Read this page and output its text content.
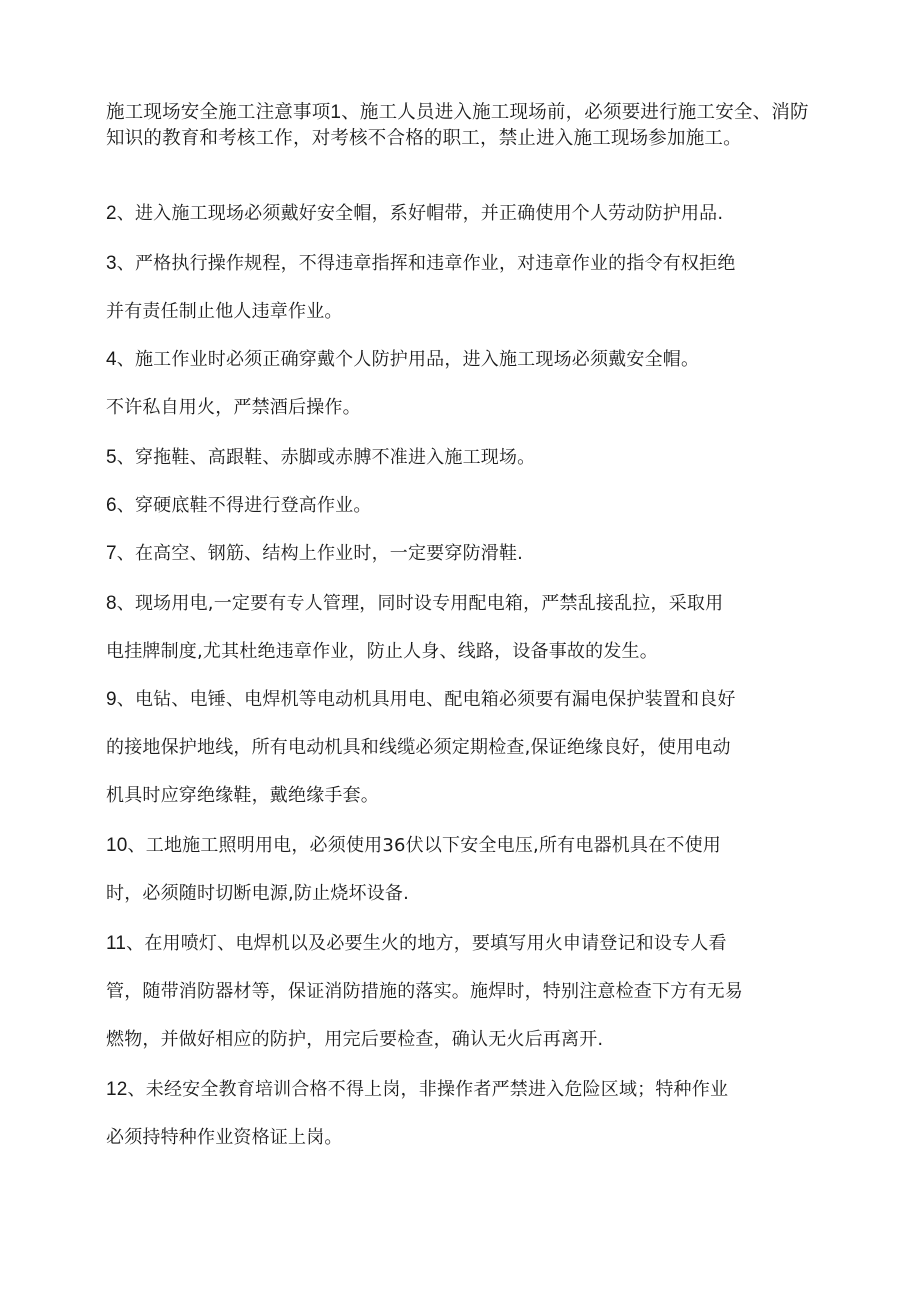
施工现场安全施工注意事项1、施工人员进入施工现场前，必须要进行施工安全、消防知识的教育和考核工作，对考核不合格的职工，禁止进入施工现场参加施工。

2、进入施工现场必须戴好安全帽，系好帽带，并正确使用个人劳动防护用品.

3、严格执行操作规程，不得违章指挥和违章作业，对违章作业的指令有权拒绝
并有责任制止他人违章作业。

4、施工作业时必须正确穿戴个人防护用品，进入施工现场必须戴安全帽。
不许私自用火，严禁酒后操作。

5、穿拖鞋、高跟鞋、赤脚或赤膊不准进入施工现场。

6、穿硬底鞋不得进行登高作业。

7、在高空、钢筋、结构上作业时，一定要穿防滑鞋.

8、现场用电,一定要有专人管理，同时设专用配电箱，严禁乱接乱拉，采取用
电挂牌制度,尤其杜绝违章作业，防止人身、线路，设备事故的发生。

9、电钻、电锤、电焊机等电动机具用电、配电箱必须要有漏电保护装置和良好
的接地保护地线，所有电动机具和线缆必须定期检查,保证绝缘良好，使用电动
机具时应穿绝缘鞋，戴绝缘手套。

10、工地施工照明用电，必须使用36伏以下安全电压,所有电器机具在不使用
时，必须随时切断电源,防止烧坏设备.

11、在用喷灯、电焊机以及必要生火的地方，要填写用火申请登记和设专人看
管，随带消防器材等，保证消防措施的落实。施焊时，特别注意检查下方有无易
燃物，并做好相应的防护，用完后要检查，确认无火后再离开.

12、未经安全教育培训合格不得上岗，非操作者严禁进入危险区域；特种作业
必须持特种作业资格证上岗。
